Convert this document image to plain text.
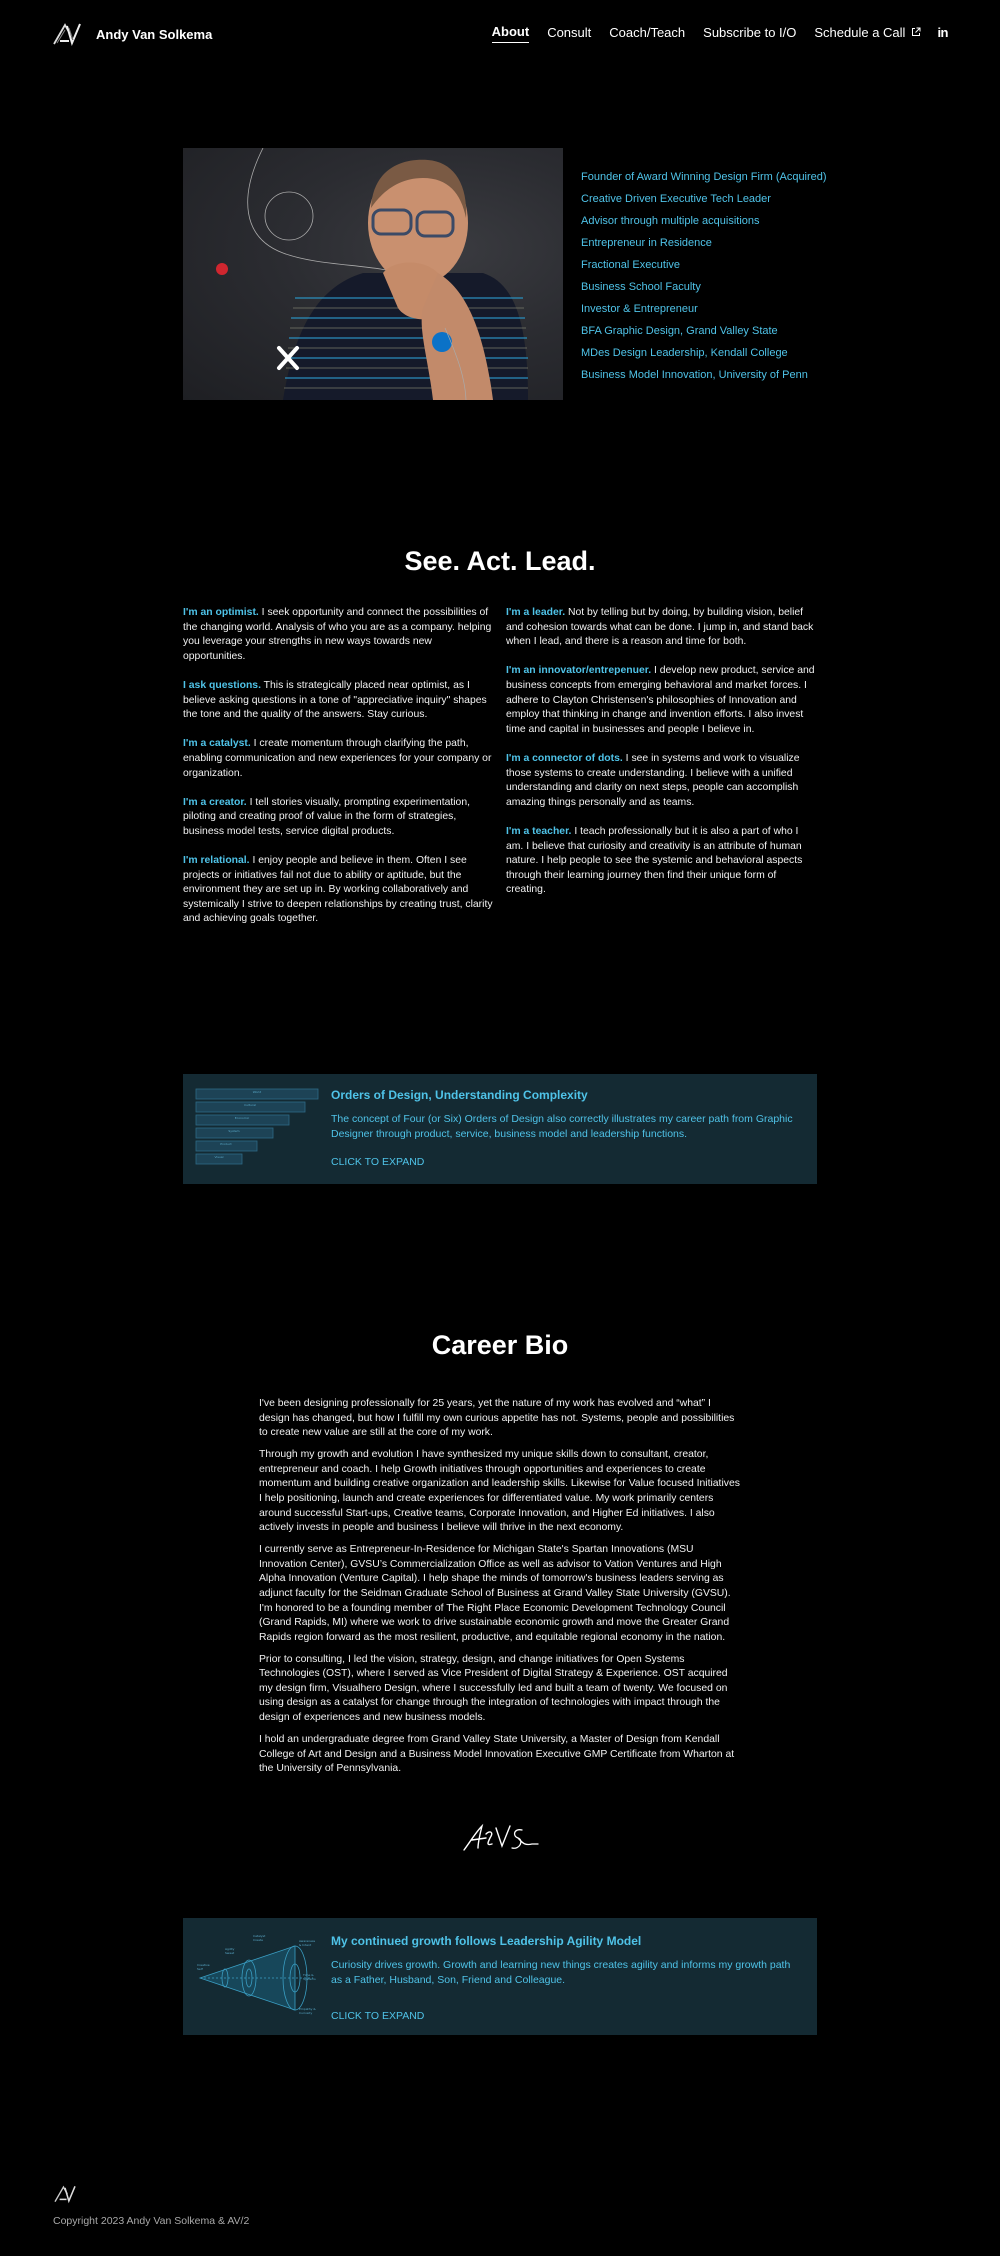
Andy Van Solkema	About Consult Coach/Teach Subscribe to I/O Schedule a Call in
Founder of Award Winning Design Firm (Acquired)
Creative Driven Executive Tech Leader
Advisor through multiple acquisitions
Entrepreneur in Residence
Fractional Executive
Business School Faculty
Investor & Entrepreneur
BFA Graphic Design, Grand Valley State
MDes Design Leadership, Kendall College
Business Model Innovation, University of Penn
See. Act. Lead.

I'm an optimist. I seek opportunity and connect the possibilities of the changing world. Analysis of who you are as a company. helping you leverage your strengths in new ways towards new opportunities.

I ask questions. This is strategically placed near optimist, as I believe asking questions in a tone of "appreciative inquiry" shapes the tone and the quality of the answers. Stay curious.

I'm a catalyst. I create momentum through clarifying the path, enabling communication and new experiences for your company or organization.

I'm a creator. I tell stories visually, prompting experimentation, piloting and creating proof of value in the form of strategies, business model tests, service digital products.

I'm relational. I enjoy people and believe in them. Often I see projects or initiatives fail not due to ability or aptitude, but the environment they are set up in. By working collaboratively and systemically I strive to deepen relationships by creating trust, clarity and achieving goals together.

I'm a leader. Not by telling but by doing, by building vision, belief and cohesion towards what can be done. I jump in, and stand back when I lead, and there is a reason and time for both.

I'm an innovator/entrepenuer. I develop new product, service and business concepts from emerging behavioral and market forces. I adhere to Clayton Christensen's philosophies of Innovation and employ that thinking in change and invention efforts. I also invest time and capital in businesses and people I believe in.

I'm a connector of dots. I see in systems and work to visualize those systems to create understanding. I believe with a unified understanding and clarity on next steps, people can accomplish amazing things personally and as teams.

I'm a teacher. I teach professionally but it is also a part of who I am. I believe that curiosity and creativity is an attribute of human nature. I help people to see the systemic and behavioral aspects through their learning journey then find their unique form of creating.

World
Cultural
Economic
System
Product
Visual
Orders of Design, Understanding Complexity
The concept of Four (or Six) Orders of Design also correctly illustrates my career path from Graphic Designer through product, service, business model and leadership functions.
CLICK TO EXPAND
Career Bio

I've been designing professionally for 25 years, yet the nature of my work has evolved and “what” I design has changed, but how I fulfill my own curious appetite has not. Systems, people and possibilities to create new value are still at the core of my work.

Through my growth and evolution I have synthesized my unique skills down to consultant, creator, entrepreneur and coach. I help Growth initiatives through opportunities and experiences to create momentum and building creative organization and leadership skills. Likewise for Value focused Initiatives I help positioning, launch and create experiences for differentiated value. My work primarily centers around successful Start-ups, Creative teams, Corporate Innovation, and Higher Ed initiatives. I also actively invests in people and business I believe will thrive in the next economy.

I currently serve as Entrepreneur-In-Residence for Michigan State's Spartan Innovations (MSU Innovation Center), GVSU’s Commercialization Office as well as advisor to Vation Ventures and High Alpha Innovation (Venture Capital). I help shape the minds of tomorrow's business leaders serving as adjunct faculty for the Seidman Graduate School of Business at Grand Valley State University (GVSU). I'm honored to be a founding member of The Right Place Economic Development Technology Council (Grand Rapids, MI) where we work to drive sustainable economic growth and move the Greater Grand Rapids region forward as the most resilient, productive, and equitable regional economy in the nation.

Prior to consulting, I led the vision, strategy, design, and change initiatives for Open Systems Technologies (OST), where I served as Vice President of Digital Strategy & Experience. OST acquired my design firm, Visualhero Design, where I successfully led and built a team of twenty. We focused on using design as a catalyst for change through the integration of technologies with impact through the design of experiences and new business models.

I hold an undergraduate degree from Grand Valley State University, a Master of Design from Kendall College of Art and Design and a Business Model Innovation Executive GMP Certificate from Wharton at the University of Pennsylvania.

Creative
Self
Agility
Sweet
Catalyst
Create	Awareness
& Intent
Time &
Systems
Empathy &
Curiosity
My continued growth follows Leadership Agility Model
Curiosity drives growth. Growth and learning new things creates agility and informs my growth path as a Father, Husband, Son, Friend and Colleague.
CLICK TO EXPAND
Copyright 2023 Andy Van Solkema & AV/2
